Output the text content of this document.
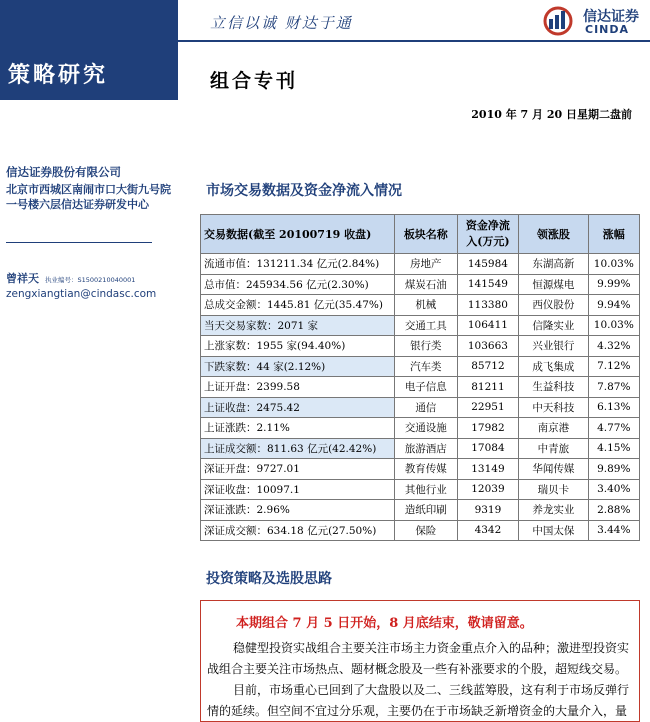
策略研究
信达证券股份有限公司
北京市西城区南闹市口大街九号院一号楼六层信达证券研发中心
曾祥天 执业编号：S1500210040001
zengxiangtian@cindasc.com
立信以诚 财达于通	信达证券
CINDA
组合专刊
2010 年 7 月 20 日星期二盘前
市场交易数据及资金净流入情况
交易数据(截至 20100719 收盘)	板块名称	资金净流入(万元)	领涨股	涨幅
流通市值：131211.34 亿元(2.84%)	房地产	145984	东湖高新	10.03%
总市值：245934.56 亿元(2.30%)	煤炭石油	141549	恒源煤电	9.99%
总成交金额：1445.81 亿元(35.47%)	机械	113380	西仪股份	9.94%
当天交易家数：2071 家	交通工具	106411	信隆实业	10.03%
上涨家数：1955 家(94.40%)	银行类	103663	兴业银行	4.32%
下跌家数：44 家(2.12%)	汽车类	85712	成飞集成	7.12%
上证开盘：2399.58	电子信息	81211	生益科技	7.87%
上证收盘：2475.42	通信	22951	中天科技	6.13%
上证涨跌：2.11%	交通设施	17982	南京港	4.77%
上证成交额：811.63 亿元(42.42%)	旅游酒店	17084	中青旅	4.15%
深证开盘：9727.01	教育传媒	13149	华闻传媒	9.89%
深证收盘：10097.1	其他行业	12039	瑞贝卡	3.40%
深证涨跌：2.96%	造纸印刷	9319	养龙实业	2.88%
深证成交额：634.18 亿元(27.50%)	保险	4342	中国太保	3.44%
投资策略及选股思路
本期组合 7 月 5 日开始，8 月底结束，敬请留意。
稳健型投资实战组合主要关注市场主力资金重点介入的品种；激进型投资实战组合主要关注市场热点、题材概念股及一些有补涨要求的个股，超短线交易。
目前，市场重心已回到了大盘股以及二、三线蓝筹股，这有利于市场反弹行情的延续。但空间不宜过分乐观，主要仍在于市场缺乏新增资金的大量介入，量
